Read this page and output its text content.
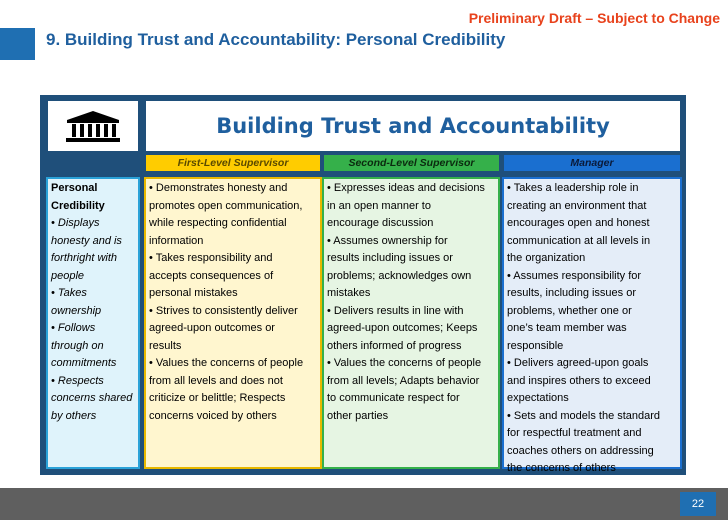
Preliminary Draft – Subject to Change
9. Building Trust and Accountability: Personal Credibility
Building Trust and Accountability
First-Level Supervisor	Second-Level Supervisor	Manager
Personal
Credibility
• Displays
honesty and is
forthright with
people
• Takes
ownership
• Follows
through on
commitments
• Respects
concerns shared
by others
• Demonstrates honesty and
promotes open communication,
while respecting confidential
information
• Takes responsibility and
accepts consequences of
personal mistakes
• Strives to consistently deliver
agreed-upon outcomes or
results
• Values the concerns of people
from all levels and does not
criticize or belittle; Respects
concerns voiced by others
• Expresses ideas and decisions
in an open manner to
encourage discussion
• Assumes ownership for
results including issues or
problems; acknowledges own
mistakes
• Delivers results in line with
agreed-upon outcomes; Keeps
others informed of progress
• Values the concerns of people
from all levels; Adapts behavior
to communicate respect for
other parties
• Takes a leadership role in
creating an environment that
encourages open and honest
communication at all levels in
the organization
• Assumes responsibility for
results, including issues or
problems, whether one or
one’s team member was
responsible
• Delivers agreed-upon goals
and inspires others to exceed
expectations
• Sets and models the standard
for respectful treatment and
coaches others on addressing
the concerns of others
22
